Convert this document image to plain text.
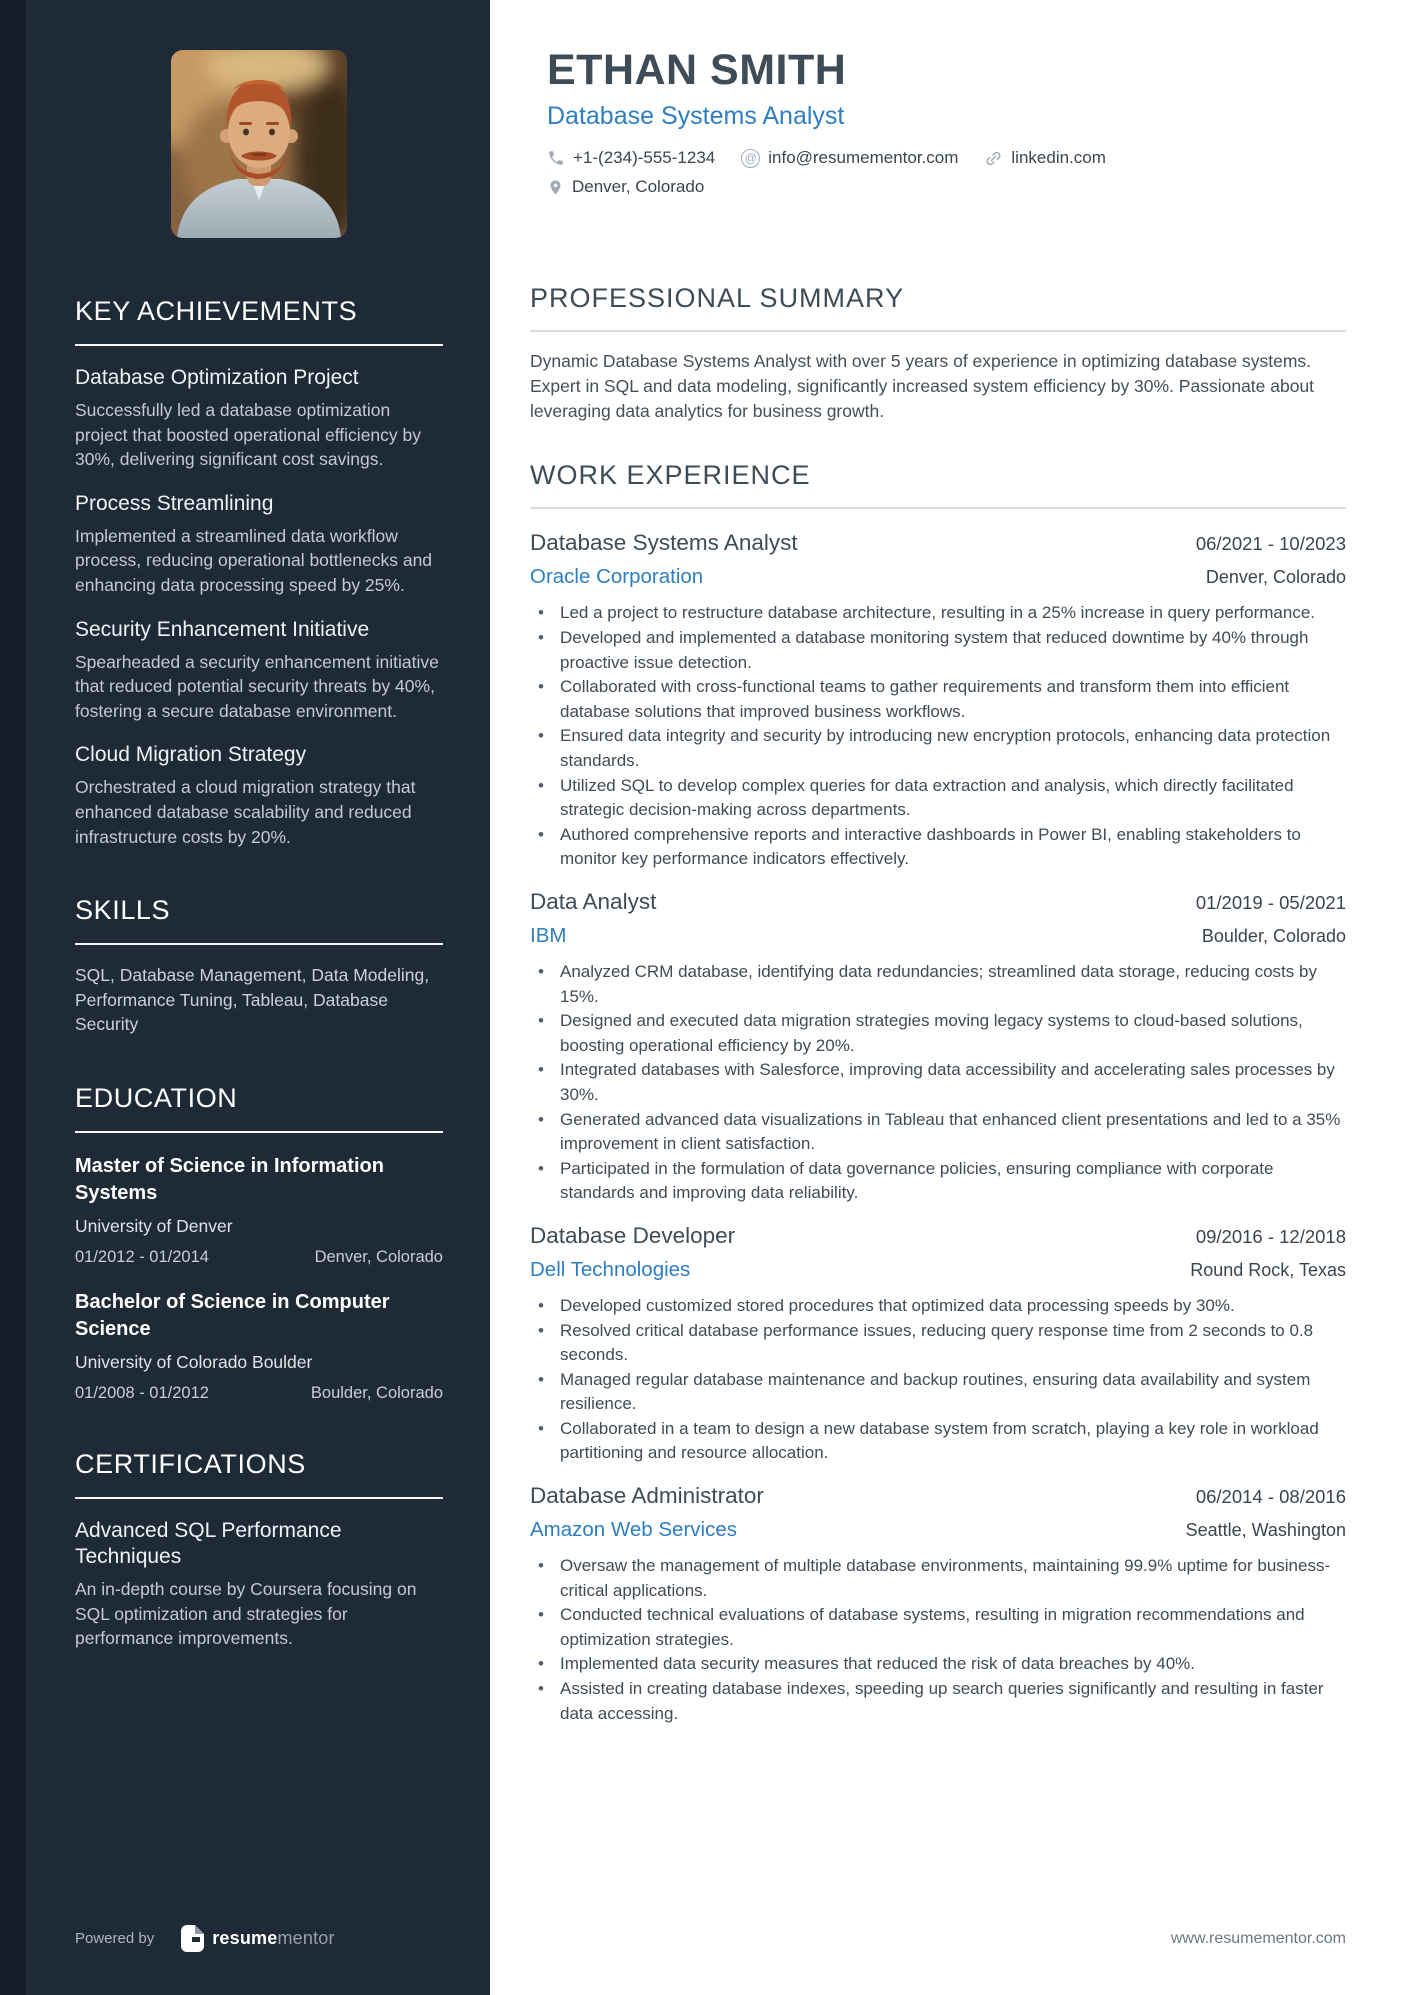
KEY ACHIEVEMENTS
Database Optimization Project
Successfully led a database optimization project that boosted operational efficiency by 30%, delivering significant cost savings.
Process Streamlining
Implemented a streamlined data workflow process, reducing operational bottlenecks and enhancing data processing speed by 25%.
Security Enhancement Initiative
Spearheaded a security enhancement initiative that reduced potential security threats by 40%, fostering a secure database environment.
Cloud Migration Strategy
Orchestrated a cloud migration strategy that enhanced database scalability and reduced infrastructure costs by 20%.
SKILLS
SQL, Database Management, Data Modeling, Performance Tuning, Tableau, Database Security
EDUCATION
Master of Science in Information Systems
University of Denver
01/2012 - 01/2014	Denver, Colorado
Bachelor of Science in Computer Science
University of Colorado Boulder
01/2008 - 01/2012	Boulder, Colorado
CERTIFICATIONS
Advanced SQL Performance Techniques
An in-depth course by Coursera focusing on SQL optimization and strategies for performance improvements.
Powered by	resumementor
ETHAN SMITH
Database Systems Analyst
+1-(234)-555-1234 @ info@resumementor.com	linkedin.com
Denver, Colorado
PROFESSIONAL SUMMARY

Dynamic Database Systems Analyst with over 5 years of experience in optimizing database systems. Expert in SQL and data modeling, significantly increased system efficiency by 30%. Passionate about leveraging data analytics for business growth.

WORK EXPERIENCE
Database Systems Analyst	06/2021 - 10/2023
Oracle Corporation	Denver, Colorado
• Led a project to restructure database architecture, resulting in a 25% increase in query performance.
• Developed and implemented a database monitoring system that reduced downtime by 40% through proactive issue detection.
• Collaborated with cross-functional teams to gather requirements and transform them into efficient database solutions that improved business workflows.
• Ensured data integrity and security by introducing new encryption protocols, enhancing data protection standards.
• Utilized SQL to develop complex queries for data extraction and analysis, which directly facilitated strategic decision-making across departments.
• Authored comprehensive reports and interactive dashboards in Power BI, enabling stakeholders to monitor key performance indicators effectively.
Data Analyst	01/2019 - 05/2021
IBM	Boulder, Colorado
• Analyzed CRM database, identifying data redundancies; streamlined data storage, reducing costs by 15%.
• Designed and executed data migration strategies moving legacy systems to cloud-based solutions, boosting operational efficiency by 20%.
• Integrated databases with Salesforce, improving data accessibility and accelerating sales processes by 30%.
• Generated advanced data visualizations in Tableau that enhanced client presentations and led to a 35% improvement in client satisfaction.
• Participated in the formulation of data governance policies, ensuring compliance with corporate standards and improving data reliability.
Database Developer	09/2016 - 12/2018
Dell Technologies	Round Rock, Texas
• Developed customized stored procedures that optimized data processing speeds by 30%.
• Resolved critical database performance issues, reducing query response time from 2 seconds to 0.8 seconds.
• Managed regular database maintenance and backup routines, ensuring data availability and system resilience.
• Collaborated in a team to design a new database system from scratch, playing a key role in workload partitioning and resource allocation.
Database Administrator	06/2014 - 08/2016
Amazon Web Services	Seattle, Washington
• Oversaw the management of multiple database environments, maintaining 99.9% uptime for business-critical applications.
• Conducted technical evaluations of database systems, resulting in migration recommendations and optimization strategies.
• Implemented data security measures that reduced the risk of data breaches by 40%.
• Assisted in creating database indexes, speeding up search queries significantly and resulting in faster data accessing.
www.resumementor.com
